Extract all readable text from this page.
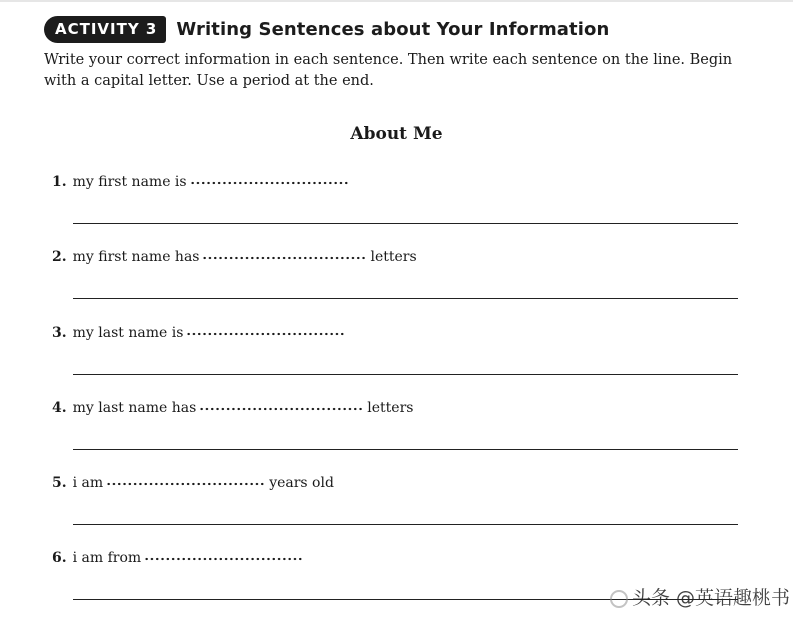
ACTIVITY 3	Writing Sentences about Your Information
Write your correct information in each sentence. Then write each sentence on the line. Begin with a capital letter. Use a period at the end.
About Me
1. my first name is
2. my first name has	letters
3. my last name is
4. my last name has	letters
5. i am	years old
6. i am from
头条 @英语趣桃书
